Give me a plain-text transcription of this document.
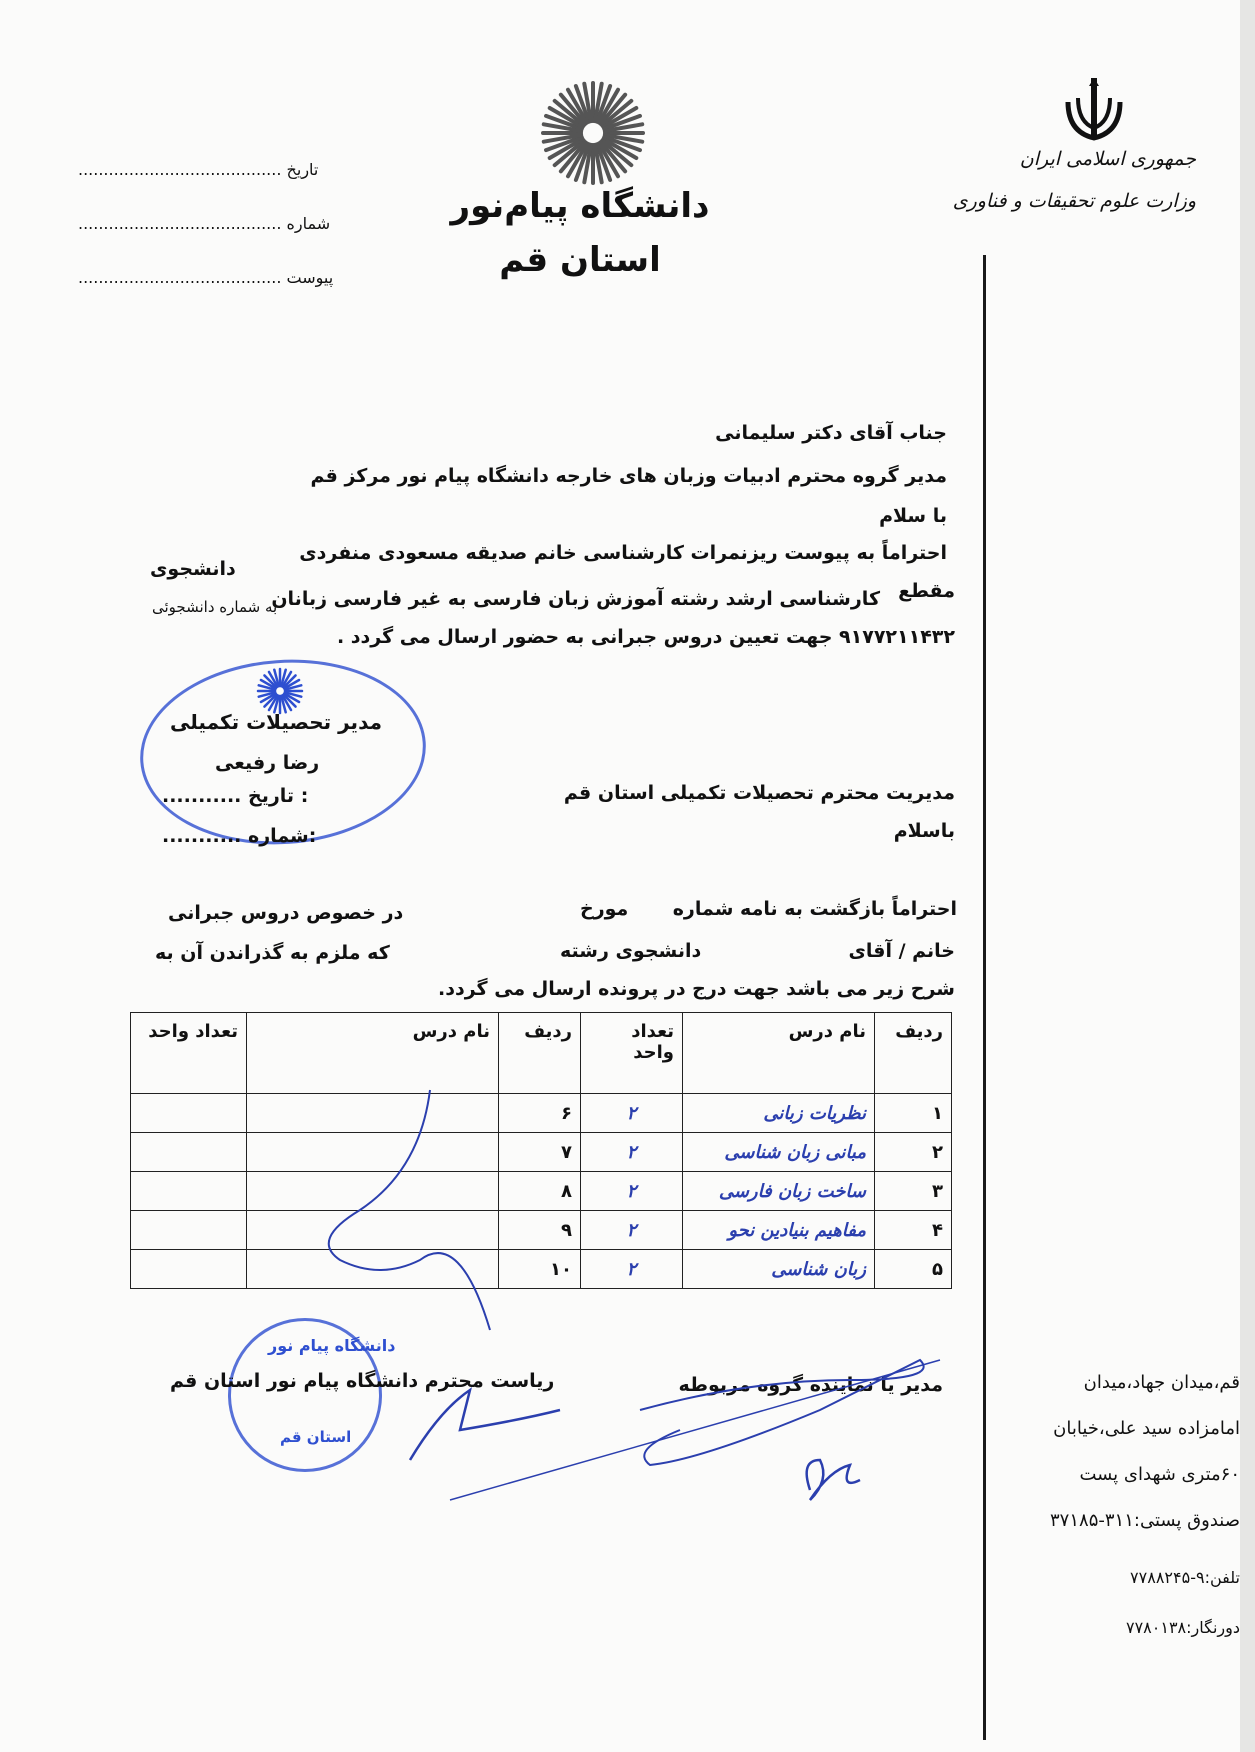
جمهوری اسلامی ایران
وزارت علوم تحقیقات و فناوری
دانشگاه پیام‌نور
استان قم
........................................ تاریخ
........................................ شماره
........................................ پیوست
جناب آقای دکتر سلیمانی
مدیر گروه محترم ادبیات وزبان های خارجه دانشگاه پیام نور مرکز قم
با سلام
احتراماً به پیوست ریزنمرات کارشناسی خانم صدیقه مسعودی منفردی
دانشجوی
مقطع
کارشناسی ارشد رشته آموزش زبان فارسی به غیر فارسی زبانان
به شماره دانشجوئی
۹۱۷۷۲۱۱۴۳۲ جهت تعیین دروس جبرانی به حضور ارسال می گردد .
مدیر تحصیلات تکمیلی
رضا رفیعی
........... تاریخ :
........... شماره:
مدیریت محترم تحصیلات تکمیلی استان قم
باسلام
احتراماً بازگشت به نامه شماره
مورخ
در خصوص دروس جبرانی
خانم / آقای
دانشجوی رشته
که ملزم به گذراندن آن به
شرح زیر می باشد جهت درج در پرونده ارسال می گردد.
ردیف	نام درس	تعداد واحد	ردیف	نام درس	تعداد واحد
۱	نظریات زبانی	۲	۶		
۲	مبانی زبان شناسی	۲	۷		
۳	ساخت زبان فارسی	۲	۸		
۴	مفاهیم بنیادین نحو	۲	۹		
۵	زبان شناسی	۲	۱۰		
دانشگاه پیام نور
استان قم
ریاست محترم دانشگاه پیام نور استان قم	مدیر یا نماینده گروه مربوطه	قم،میدان جهاد،میدان
امامزاده سید علی،خیابان
۶۰متری شهدای پست
صندوق پستی:۳۱۱-۳۷۱۸۵
تلفن:۹-۷۷۸۸۲۴۵
دورنگار:۷۷۸۰۱۳۸
